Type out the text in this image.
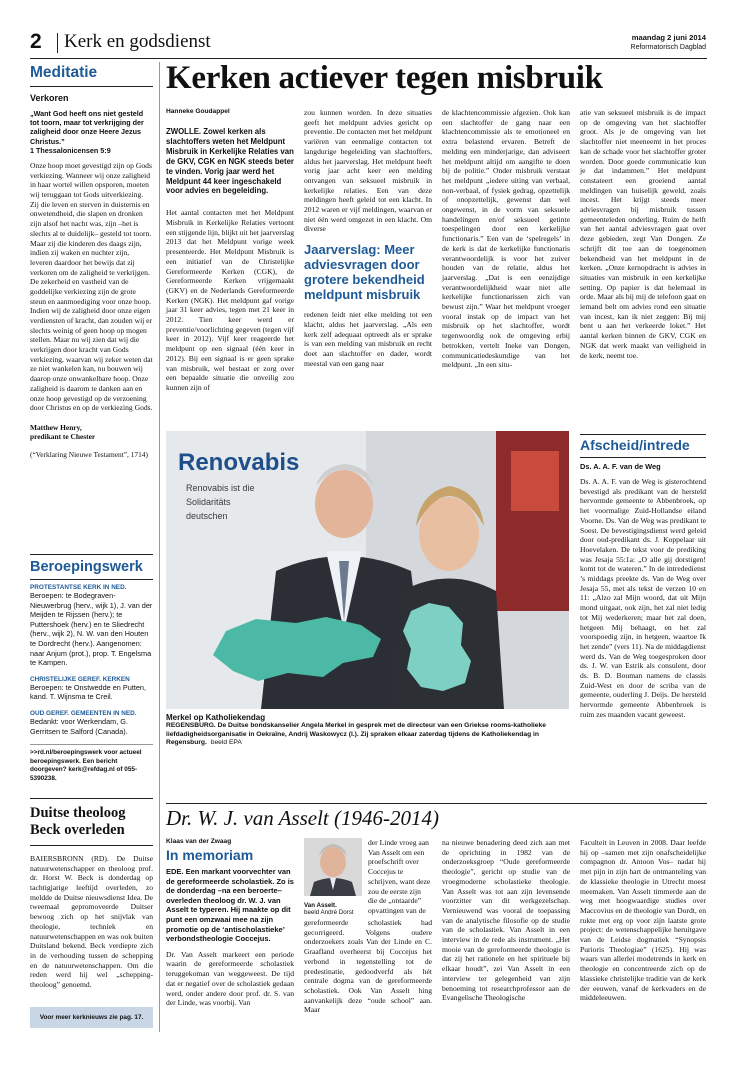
2 Kerk en godsdienst	maandag 2 juni 2014
Reformatorisch Dagblad
Meditatie
Verkoren
„Want God heeft ons niet gesteld tot toorn, maar tot verkrijging der zaligheid door onze Heere Jezus Christus.”
1 Thessalonicensen 5:9
Onze hoop moet gevestigd zijn op Gods verkiezing. Wanneer wij onze zaligheid in haar wortel willen opsporen, moeten wij teruggaan tot Gods uitverkiezing. Zij die leven en sterven in duisternis en onwetendheid, die slapen en dronken zijn alsof het nacht was, zijn –het is slechts al te duidelijk– gesteld tot toorn. Maar zij die kinderen des daags zijn, indien zij waken en nuchter zijn, leveren daardoor het bewijs dat zij verkoren om de zaligheid te verkrijgen. De zekerheid en vastheid van de goddelijke verkiezing zijn de grote steun en aanmoediging voor onze hoop. Indien wij de zaligheid door onze eigen verdiensten of kracht, dan zouden wij er slechts weinig of geen hoop op mogen stellen. Maar nu wij zien dat wij die verkrijgen door kracht van Gods verkiezing, waarvan wij zeker weten dat ze niet wankelen kan, nu bouwen wij daarop onze onwankelbare hoop. Onze zaligheid is daarom te danken aan en onze hoop gevestigd op de verzoening door Christus en op de verkiezing Gods.
Matthew Henry,
predikant te Chester
(“Verklaring Nieuwe Testament”, 1714)
Beroepingswerk
PROTESTANTSE KERK IN NED.
Beroepen: te Bodegraven-Nieuwerbrug (herv., wijk 1), J. van der Meijden te Rijssen (herv.); te Puttershoek (herv.) en te Sliedrecht (herv., wijk 2), N. W. van den Houten te Dordrecht (herv.). Aangenomen: naar Anjum (prot.), prop. T. Engelsma te Kampen.
CHRISTELIJKE GEREF. KERKEN
Beroepen: te Onstwedde en Putten, kand. T. Wijnsma te Creil.
OUD GEREF. GEMEENTEN IN NED.
Bedankt: voor Werkendam, G. Gerritsen te Salford (Canada).
>>rd.nl/beroepingswerk voor actueel beroepingswerk. Een bericht doorgeven? kerk@refdag.nl of 055-5390238.
Duitse theoloog Beck overleden
BAIERSBRONN (RD). De Duitse natuurwetenschapper en theoloog prof. dr. Horst W. Beck is donderdag op tachtigjarige leeftijd overleden, zo meldde de Duitse nieuwsdienst Idea. De tweemaal gepromoveerde Duitser bewoog zich op het snijvlak van theologie, techniek en natuurwetenschappen en was ook buiten Duitsland bekend. Beck verdiepte zich in de verhouding tussen de schepping en de natuurwetenschappen. Om die reden werd hij wel „schepping-theoloog” genoemd.
Voor meer kerknieuws zie pag. 17.
Kerken actiever tegen misbruik
Hanneke Goudappel
ZWOLLE. Zowel kerken als slachtoffers weten het Meldpunt Misbruik in Kerkelijke Relaties van de GKV, CGK en NGK steeds beter te vinden. Vorig jaar werd het Meldpunt 44 keer ingeschakeld voor advies en begeleiding.
Het aantal contacten met het Meldpunt Misbruik in Kerkelijke Relaties vertoont een stijgende lijn, blijkt uit het jaarverslag 2013 dat het Meldpunt vorige week presenteerde. Het Meldpunt Misbruik is een initiatief van de Christelijke Gereformeerde Kerken (CGK), de Gereformeerde Kerken vrijgemaakt (GKV) en de Nederlands Gereformeerde Kerken (NGK). Het meldpunt gaf vorige jaar 31 keer advies, tegen met 21 keer in 2012. Tien keer werd er preventie/voorlichting gegeven (tegen vijf keer in 2012). Vijf keer reageerde het meldpunt op een signaal (één keer in 2012). Bij een signaal is er geen sprake van misbruik, wel bestaat er zorg over een bepaalde situatie die onveilig zou kunnen zijn of
zou kunnen worden. In deze situaties geeft het meldpunt advies gericht op preventie. De contacten met het meldpunt variëren van eenmalige contacten tot langdurige begeleiding van slachtoffers, aldus het jaarverslag. Het meldpunt heeft vorig jaar acht keer een melding ontvangen van seksueel misbruik in kerkelijke relaties. Een van deze meldingen heeft geleid tot een klacht. In 2012 waren er vijf meldingen, waarvan er niet één werd omgezet in een klacht. Om diverse
Jaarverslag: Meer adviesvragen door grotere bekendheid meldpunt misbruik
redenen leidt niet elke melding tot een klacht, aldus het jaarverslag. „Als een kerk zelf adequaat optreedt als er sprake is van een melding van misbruik en recht doet aan slachtoffer en dader, wordt meestal van een gang naar
de klachtencommissie afgezien. Ook kan een slachtoffer de gang naar een klachtencommissie als te emotioneel en extra belastend ervaren. Betreft de melding een minderjarige, dan adviseert het meldpunt altijd om aangifte te doen bij de politie.” Onder misbruik verstaat het meldpunt „iedere uiting van verbaal, non-verbaal, of fysiek gedrag, opzettelijk of onopzettelijk, gewenst dan wel ongewenst, in de vorm van seksuele handelingen en/of seksueel getinte toespelingen door een kerkelijke functionaris.” Een van de ‘spelregels’ in de kerk is dat de kerkelijke functionaris verantwoordelijk is voor het zuiver houden van de relatie, aldus het jaarverslag. „Dat is een eenzijdige verantwoordelijkheid waar niet alle kerkelijke functionarissen zich van bewust zijn.” Waar het meldpunt vroeger vooral instak op de impact van het misbruik op het slachtoffer, wordt tegenwoordig ook de omgeving erbij betrokken, vertelt Ineke van Dongen, communicatiedeskundige van het meldpunt. „In een situ-
atie van seksueel misbruik is de impact op de omgeving van het slachtoffer groot. Als je de omgeving van het slachtoffer niet meeneemt in het proces kan de schade voor het slachtoffer groter worden. Door goede communicatie kun je dat indammen.” Het meldpunt constateert een groeiend aantal meldingen van huiselijk geweld, zoals incest. Het krijgt steeds meer adviesvragen bij misbruik tussen gemeenteleden onderling. Ruim de helft van het aantal adviesvragen gaat over deze gebieden, zegt Van Dongen. Ze schrijft dit toe aan de toegenomen bekendheid van het meldpunt in de kerken. „Onze kernopdracht is advies in situaties van misbruik in een kerkelijke setting. Op papier is dat helemaal in orde. Maar als bij mij de telefoon gaat en iemand belt om advies rond een situatie van incest, kan ik niet zeggen: Bij mij bent u aan het verkeerde loket.” Het aantal kerken binnen de GKV, CGK en NGK dat werk maakt van veiligheid in de kerk, neemt toe.
Renovabis
Renovabis ist die
Solidaritäts
deutschen
Merkel op Katholiekendag
REGENSBURG. De Duitse bondskanselier Angela Merkel in gesprek met de directeur van een Griekse rooms-katholieke liefdadigheidsorganisatie in Oekraïne, Andrij Waskowycz (l.). Zij spraken elkaar zaterdag tijdens de Katholiekendag in Regensburg. beeld EPA
Afscheid/intrede
Ds. A. A. F. van de Weg
Ds. A. A. F. van de Weg is gisterochtend bevestigd als predikant van de hersteld hervormde gemeente te Abbenbroek, op het voormalige Zuid-Hollandse eiland Voorne. Ds. Van de Weg was predikant te Soest. De bevestigingsdienst werd geleid door oud-predikant ds. J. Koppelaar uit Hoevelaken. De tekst voor de prediking was Jesaja 55:1a: „O alle gij dorstigen! komt tot de wateren.” In de intrededienst ’s middags preekte ds. Van de Weg over Jesaja 55, met als tekst de verzen 10 en 11: „Alzo zal Mijn woord, dat uit Mijn mond uitgaat, ook zijn, het zal niet ledig tot Mij wederkeren; maar het zal doen, hetgeen Mij behaagt, en het zal voorspoedig zijn, in hetgeen, waartoe Ik het zende” (vers 11). Na de middagdienst werd ds. Van de Weg toegesproken door ds. J. W. van Estrik als consulent, door ds. B. D. Bouman namens de classis Zuid-West en door de scriba van de gemeente, ouderling J. Deijs. De hersteld hervormde gemeente Abbenbroek is ruim zes maanden vacant geweest.
Dr. W. J. van Asselt (1946-2014)
Klaas van der Zwaag
In memoriam
EDE. Een markant voorvechter van de gereformeerde scholastiek. Zo is de donderdag –na een beroerte– overleden theoloog dr. W. J. van Asselt te typeren. Hij maakte op dit punt een omzwaai mee na zijn promotie op de ‘antischolastieke’ verbondstheologie Coccejus.
Dr. Van Asselt markeert een periode waarin de gereformeerde scholastiek teruggekoman van weggeweest. De tijd dat er negatief over de scholastiek gedaan werd, onder andere door prof. dr. S. van der Linde, was voorbij. Van
Van Asselt.
beeld André Dorst
der Linde vroeg aan Van Asselt om een proefschrift over Coccejus te schrijven, want deze zou de eerste zijn die de „ontaarde” opvattingen van de
gereformeerde scholastiek had gecorrigeerd. Volgens oudere onderzoekers zoals Van der Linde en C. Graafland overheerst bij Coccejus het verbond in tegenstelling tot de predestinatie, gedoodverfd als hét centrale dogma van de gereformeerde scholastiek. Ook Van Asselt hing aanvankelijk deze “oude school” aan. Maar
na nieuwe benadering deed zich aan met de oprichting in 1982 van de onderzoeksgroep “Oude gereformeerde theologie”, gericht op studie van de vroegmoderne scholastieke theologie. Van Asselt was tot aan zijn levensende voorzitter van dit werkgezelschap. Vernieuwend was vooral de toepassing van de analytische filosofie op de studie van de scholastiek. Van Asselt in een interview in de rede als instrument. „Het mooie van de gereformeerde theologie is dat zij het rationele en het spirituele bij elkaar houdt”, zei Van Asselt in een interview ter gelegenheid van zijn benoeming tot researchprofessor aan de Evangelische Theologische
Faculteit in Leuven in 2008. Daar leefde hij op –samen met zijn onafscheidelijke compagnon dr. Antoon Vos– nadat hij met pijn in zijn hart de ontmanteling van de klassieke theologie in Utrecht moest meemaken. Van Asselt timmerde aan de weg met hoogwaardige studies over Maccovius en de theologie van Dordt, en rukte met erg op voor zijn laatste grote project: de wetenschappelijke heruitgave van de Leidse dogmatiek “Synopsis Purioris Theologiae” (1625). Hij was waars van allerlei modetrends in kerk en theologie en concentreerde zich op de klassieke christelijke traditie van de kerk der eeuwen, vanaf de kerkvaders en de middeleeuwen.
